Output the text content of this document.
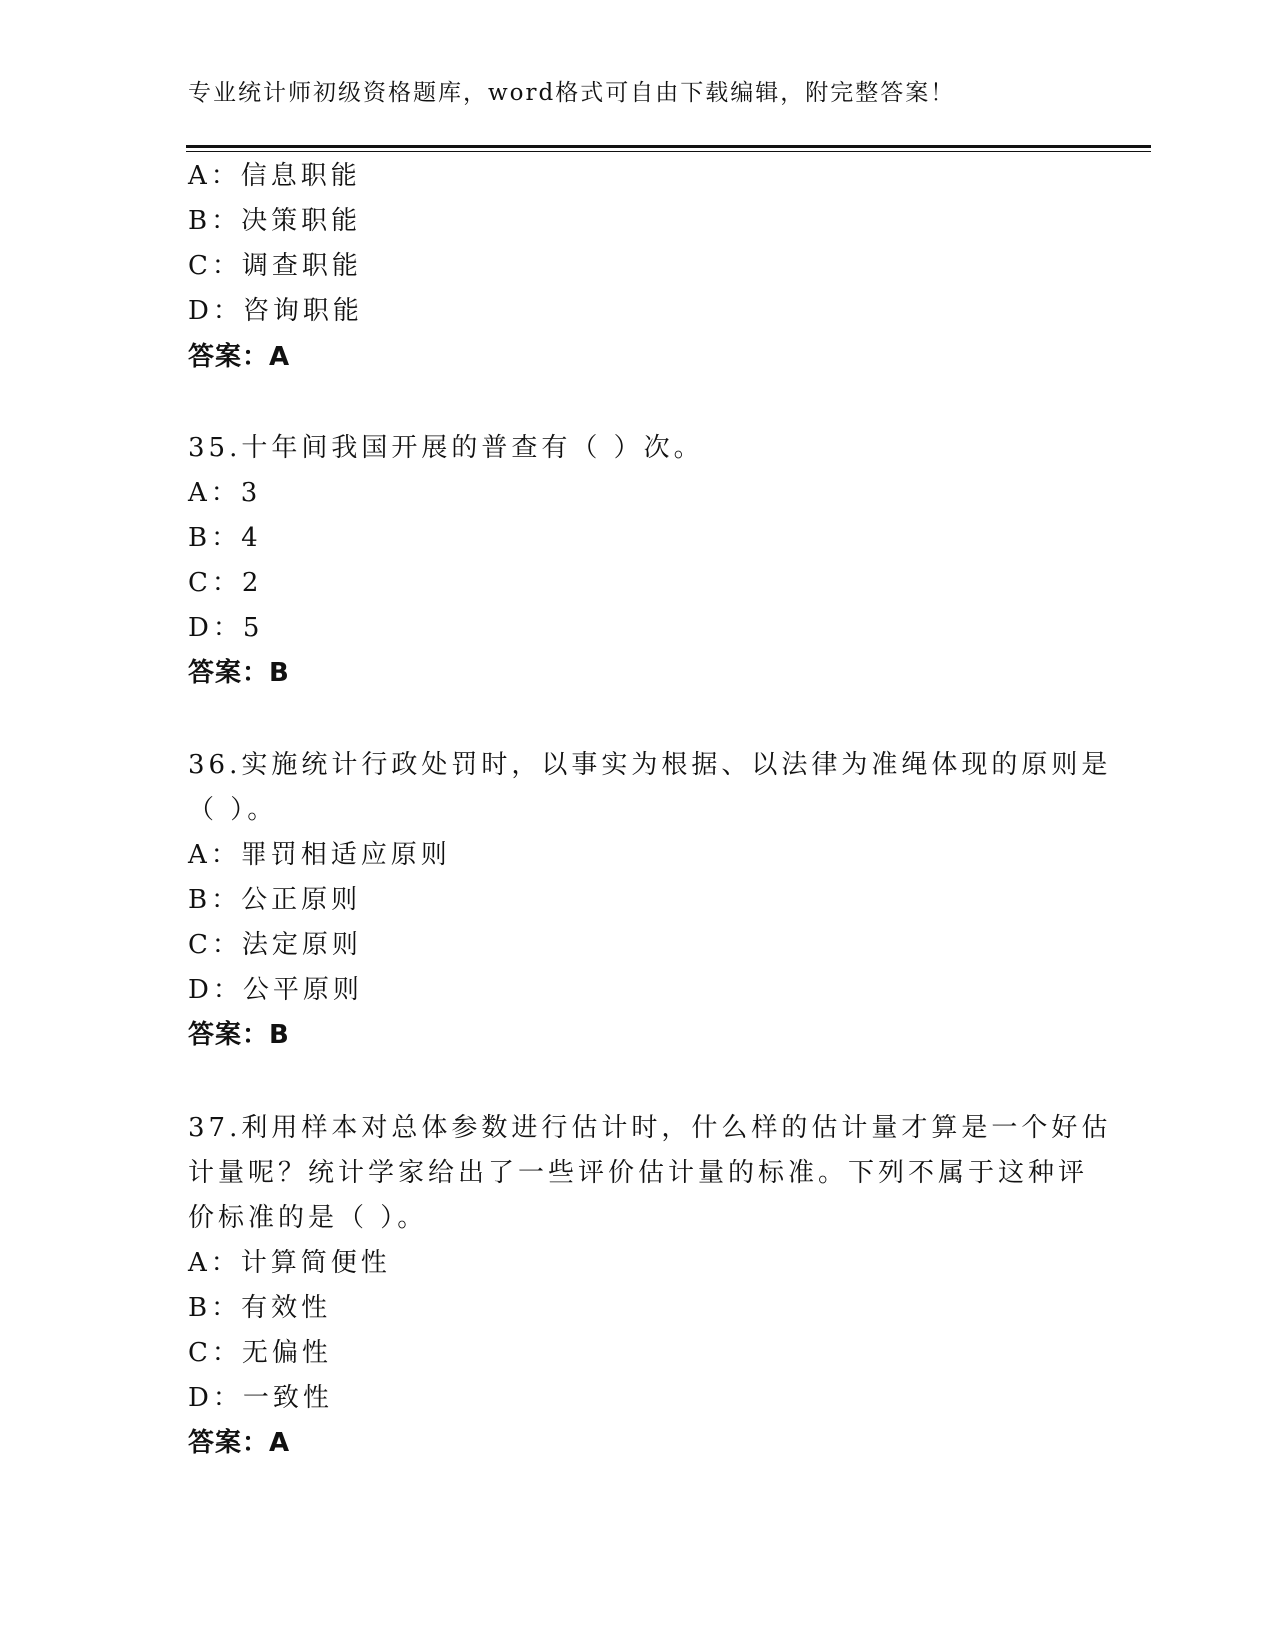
专业统计师初级资格题库，word格式可自由下载编辑，附完整答案！
A：信息职能
B：决策职能
C：调查职能
D：咨询职能
答案：A
35.十年间我国开展的普查有（ ）次。
A：3
B：4
C：2
D：5
答案：B
36.实施统计行政处罚时，以事实为根据、以法律为准绳体现的原则是
（ ）。
A：罪罚相适应原则
B：公正原则
C：法定原则
D：公平原则
答案：B
37.利用样本对总体参数进行估计时，什么样的估计量才算是一个好估
计量呢？统计学家给出了一些评价估计量的标准。下列不属于这种评
价标准的是（ ）。
A：计算简便性
B：有效性
C：无偏性
D：一致性
答案：A
